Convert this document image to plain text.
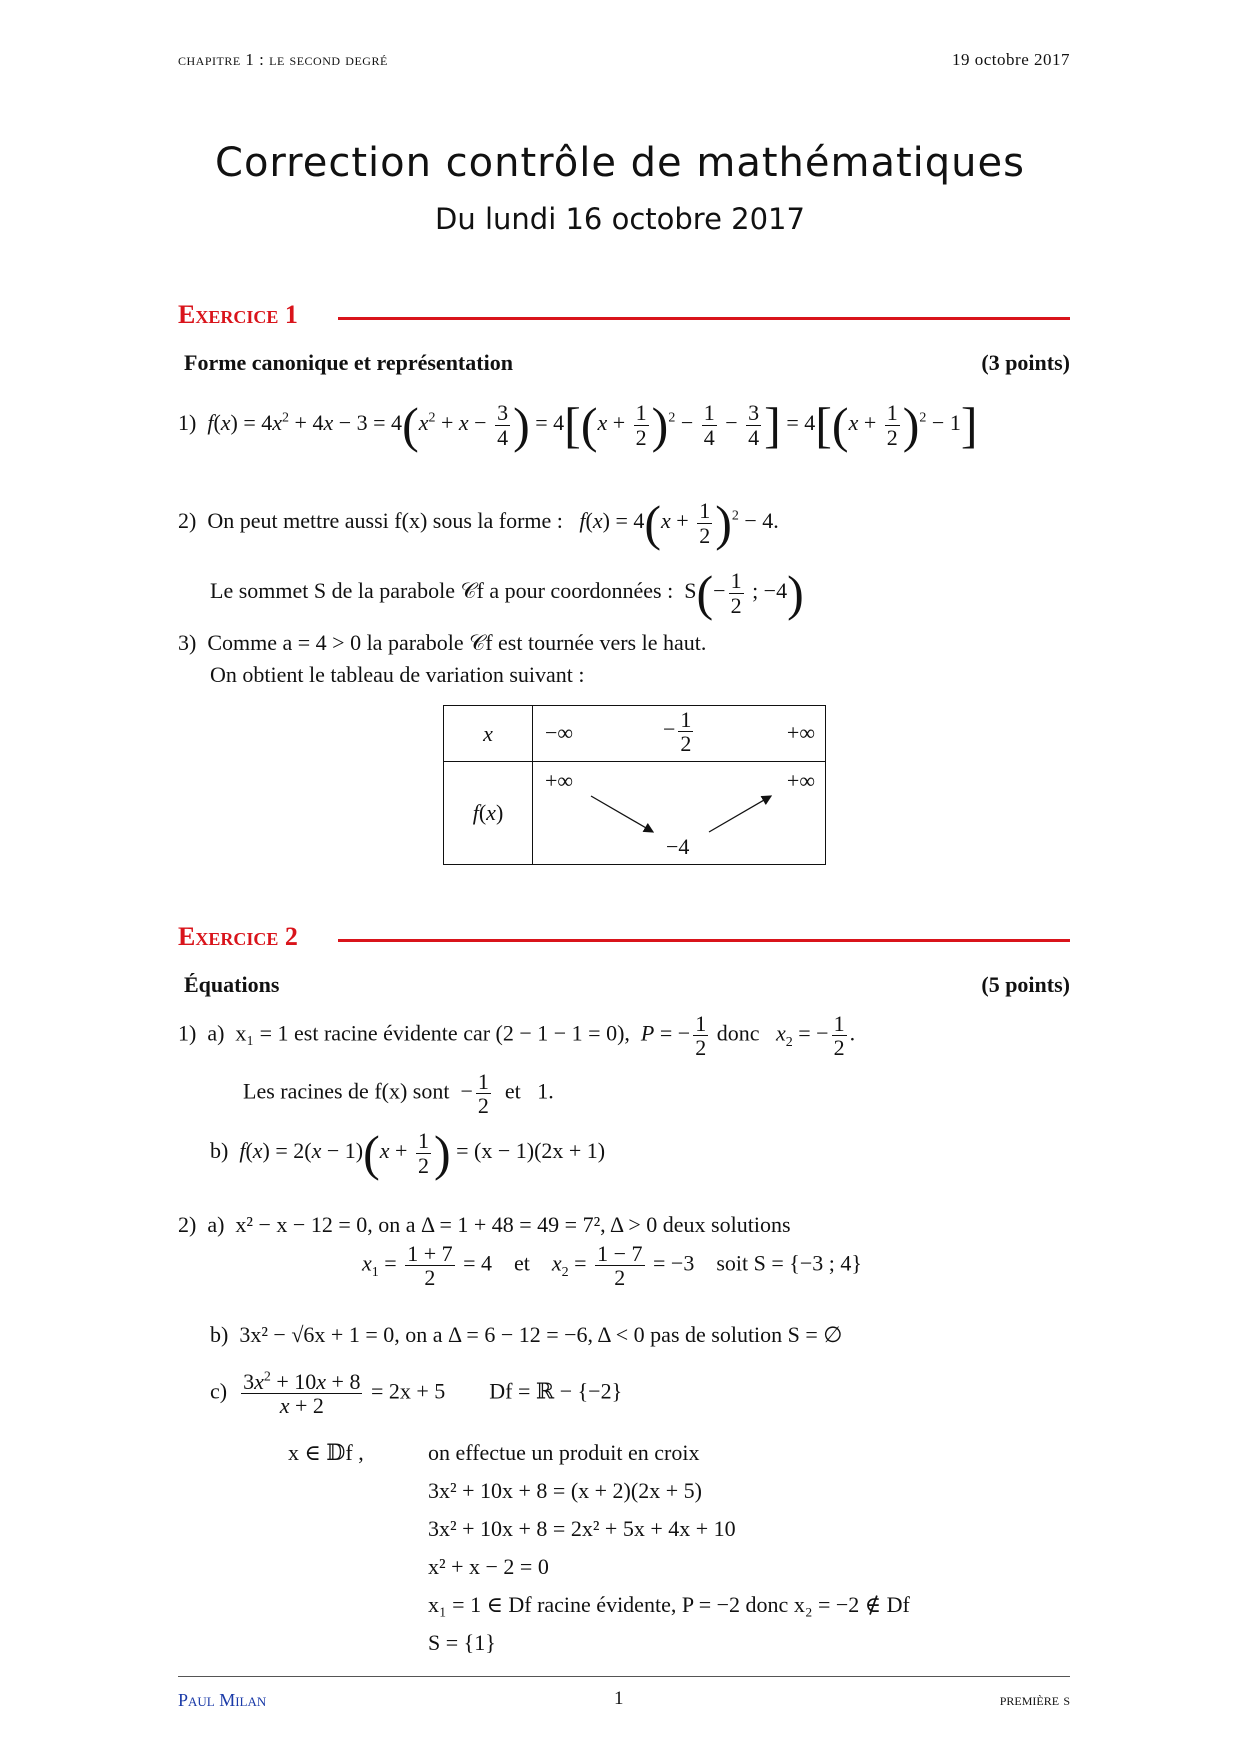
chapitre 1 : le second degré	19 octobre 2017
Correction contrôle de mathématiques
Du lundi 16 octobre 2017
Exercice 1
Forme canonique et représentation	(3 points)
1) $f(x) = 4x^2 + 4x - 3 = 4(x^2 + x - \frac{3}{4}$ ) = $4[(x + \frac{1}{2} )^2 - \frac{1}{4} - \frac{3}{4}$ ] = $4[(x + \frac{1}{2} )^2 - 1]$
2) On peut mettre aussi f(x) sous la forme : $f(x) = 4(x + \frac{1}{2} )^2 - 4$.
Le sommet S de la parabole 𝒞f a pour coordonnées :  $S(- \frac{1}{2}$ ; −4)
3) Comme a = 4 > 0 la parabole 𝒞f est tournée vers le haut.
On obtient le tableau de variation suivant :
x	−∞ − $\frac{1}{2}$ +∞

f(x)	+∞ +∞
−4
Exercice 2
Équations	(5 points)
1)  a)  x₁ = 1 est racine évidente car (2 − 1 − 1 = 0), P = − $\frac{1}{2}$ donc   $x_2$ = − $\frac{1}{2}$ .
Les racines de f(x) sont  − $\frac{1}{2}$ et   1.
b)  $f(x) = 2(x - 1)(x + \frac{1}{2}$ ) = (x − 1)(2x + 1)
2)  a)  x² − x − 12 = 0, on a Δ = 1 + 48 = 49 = 7², Δ > 0 deux solutions
$x_1 = \frac{1 + 7}{2} = 4$    et    $x_2 = \frac{1 - 7}{2} = -3$    soit S = {−3 ; 4}
b)  3x² − √6x + 1 = 0, on a Δ = 6 − 12 = −6, Δ < 0 pas de solution S = ∅
$c) \frac{3x^2 + 10x + 8}{x + 2} = 2x + 5$ Df = ℝ − {−2}
x ∈ 𝔻f ,	on effectue un produit en croix
3x² + 10x + 8 = (x + 2)(2x + 5)
3x² + 10x + 8 = 2x² + 5x + 4x + 10
x² + x − 2 = 0
x₁ = 1 ∈ Df racine évidente, P = −2 donc x₂ = −2 ∉ Df
S = {1}
Paul Milan	1	première s
